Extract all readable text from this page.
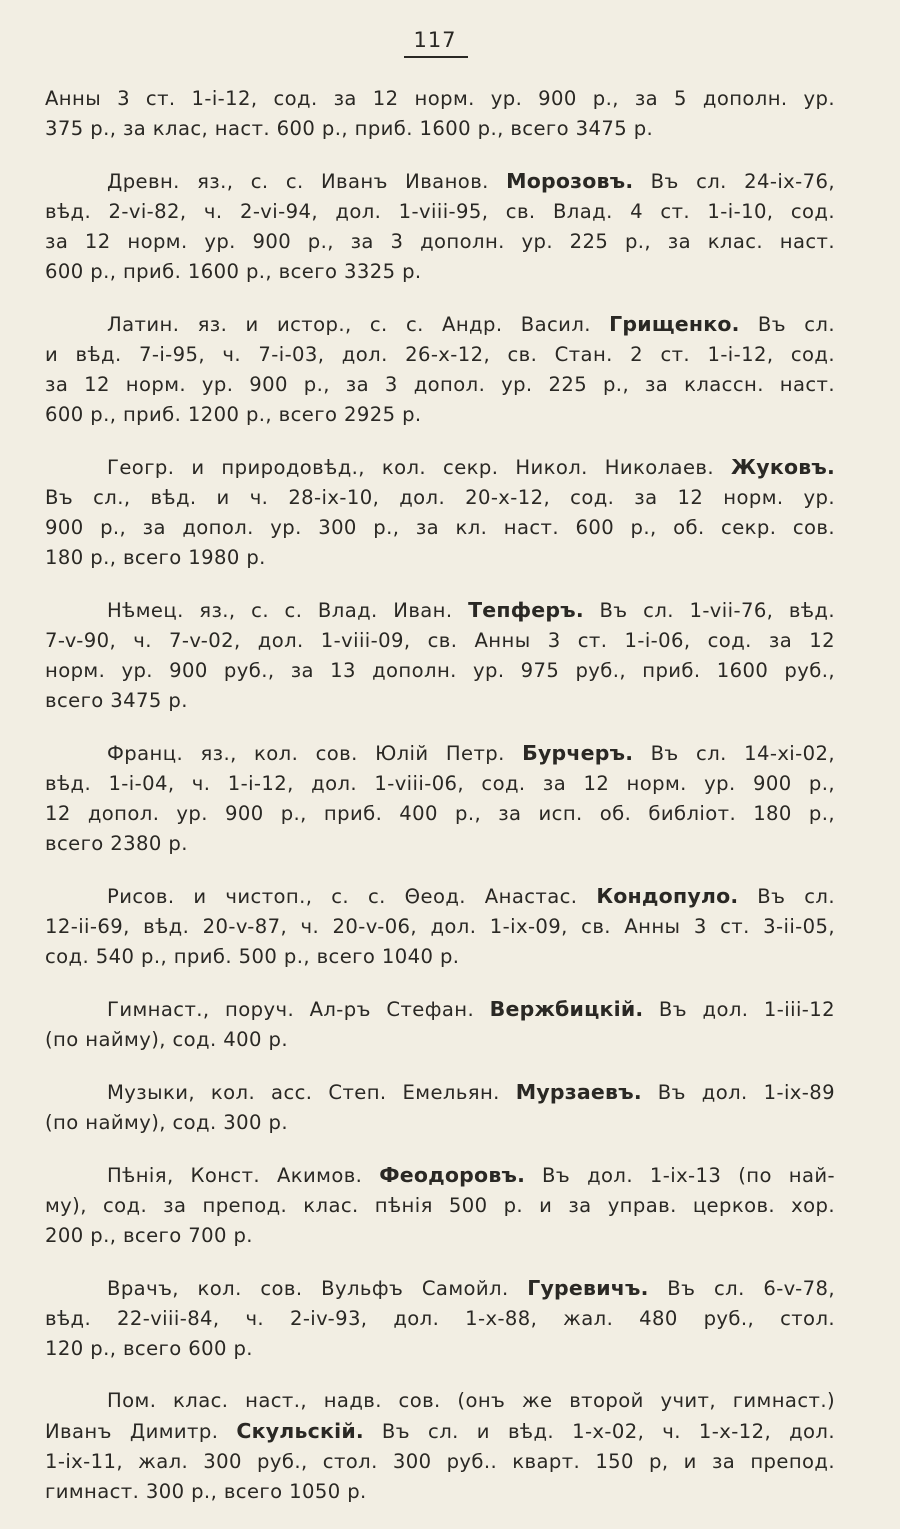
117
Анны 3 ст. 1-i-12, сод. за 12 норм. ур. 900 р., за 5 дополн. ур.
375 р., за клас, наст. 600 р., приб. 1600 р., всего 3475 р.
Древн. яз., с. с. Иванъ Иванов. Морозовъ. Въ сл. 24-ix-76,
вѣд. 2-vi-82, ч. 2-vi-94, дол. 1-viii-95, св. Влад. 4 ст. 1-i-10, сод.
за 12 норм. ур. 900 р., за 3 дополн. ур. 225 р., за клас. наст.
600 р., приб. 1600 р., всего 3325 р.
Латин. яз. и истор., с. с. Андр. Васил. Грищенко. Въ сл.
и вѣд. 7-i-95, ч. 7-i-03, дол. 26-x-12, св. Стан. 2 ст. 1-i-12, сод.
за 12 норм. ур. 900 р., за 3 допол. ур. 225 р., за классн. наст.
600 р., приб. 1200 р., всего 2925 р.
Геогр. и природовѣд., кол. секр. Никол. Николаев. Жуковъ.
Въ сл., вѣд. и ч. 28-ix-10, дол. 20-x-12, сод. за 12 норм. ур.
900 р., за допол. ур. 300 р., за кл. наст. 600 р., об. секр. сов.
180 р., всего 1980 р.
Нѣмец. яз., с. с. Влад. Иван. Тепферъ. Въ сл. 1-vii-76, вѣд.
7-v-90, ч. 7-v-02, дол. 1-viii-09, св. Анны 3 ст. 1-i-06, сод. за 12
норм. ур. 900 руб., за 13 дополн. ур. 975 руб., приб. 1600 руб.,
всего 3475 р.
Франц. яз., кол. сов. Юлій Петр. Бурчеръ. Въ сл. 14-xi-02,
вѣд. 1-i-04, ч. 1-i-12, дол. 1-viii-06, сод. за 12 норм. ур. 900 р.,
12 допол. ур. 900 р., приб. 400 р., за исп. об. библіот. 180 р.,
всего 2380 р.
Рисов. и чистоп., с. с. Θеод. Анастас. Кондопуло. Въ сл.
12-ii-69, вѣд. 20-v-87, ч. 20-v-06, дол. 1-ix-09, св. Анны 3 ст. 3-ii-05,
сод. 540 р., приб. 500 р., всего 1040 р.
Гимнаст., поруч. Ал-ръ Стефан. Вержбицкій. Въ дол. 1-iii-12
(по найму), сод. 400 р.
Музыки, кол. асс. Степ. Емельян. Мурзаевъ. Въ дол. 1-ix-89
(по найму), сод. 300 р.
Пѣнія, Конст. Акимов. Феодоровъ. Въ дол. 1-ix-13 (по най-
му), сод. за препод. клас. пѣнія 500 р. и за управ. церков. хор.
200 р., всего 700 р.
Врачъ, кол. сов. Вульфъ Самойл. Гуревичъ. Въ сл. 6-v-78,
вѣд. 22-viii-84, ч. 2-iv-93, дол. 1-x-88, жал. 480 руб., стол.
120 р., всего 600 р.
Пом. клас. наст., надв. сов. (онъ же второй учит, гимнаст.)
Иванъ Димитр. Скульскій. Въ сл. и вѣд. 1-x-02, ч. 1-x-12, дол.
1-ix-11, жал. 300 руб., стол. 300 руб.. кварт. 150 р, и за препод.
гимнаст. 300 р., всего 1050 р.
